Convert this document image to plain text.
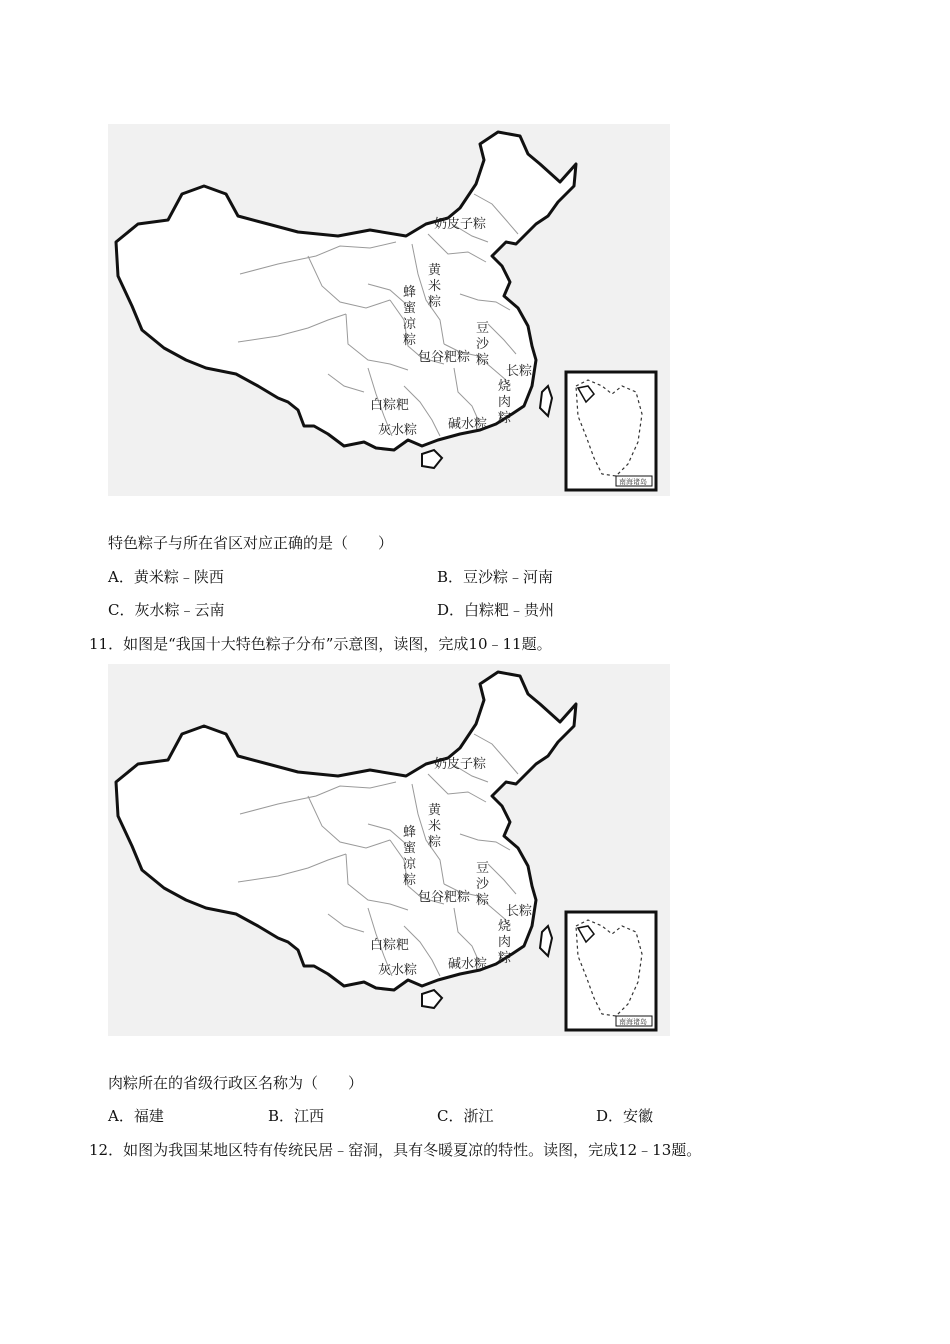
奶皮子粽
黄 米 粽
蜂 蜜 凉 粽
豆 沙 粽
包谷粑粽
长粽
烧 肉 粽
白粽粑
灰水粽 碱水粽
南海诸岛
特色粽子与所在省区对应正确的是（　　）
A．黄米粽﹣陕西	B．豆沙粽﹣河南
C．灰水粽﹣云南	D．白粽粑﹣贵州
11．如图是“我国十大特色粽子分布”示意图，读图，完成10﹣11题。
奶皮子粽
黄 米 粽
蜂 蜜 凉 粽
豆 沙 粽
包谷粑粽
长粽
烧 肉 粽
白粽粑
灰水粽 碱水粽
南海诸岛
肉粽所在的省级行政区名称为（　　）
A．福建	B．江西	C．浙江	D．安徽
12．如图为我国某地区特有传统民居﹣窑洞，具有冬暖夏凉的特性。读图，完成12﹣13题。
